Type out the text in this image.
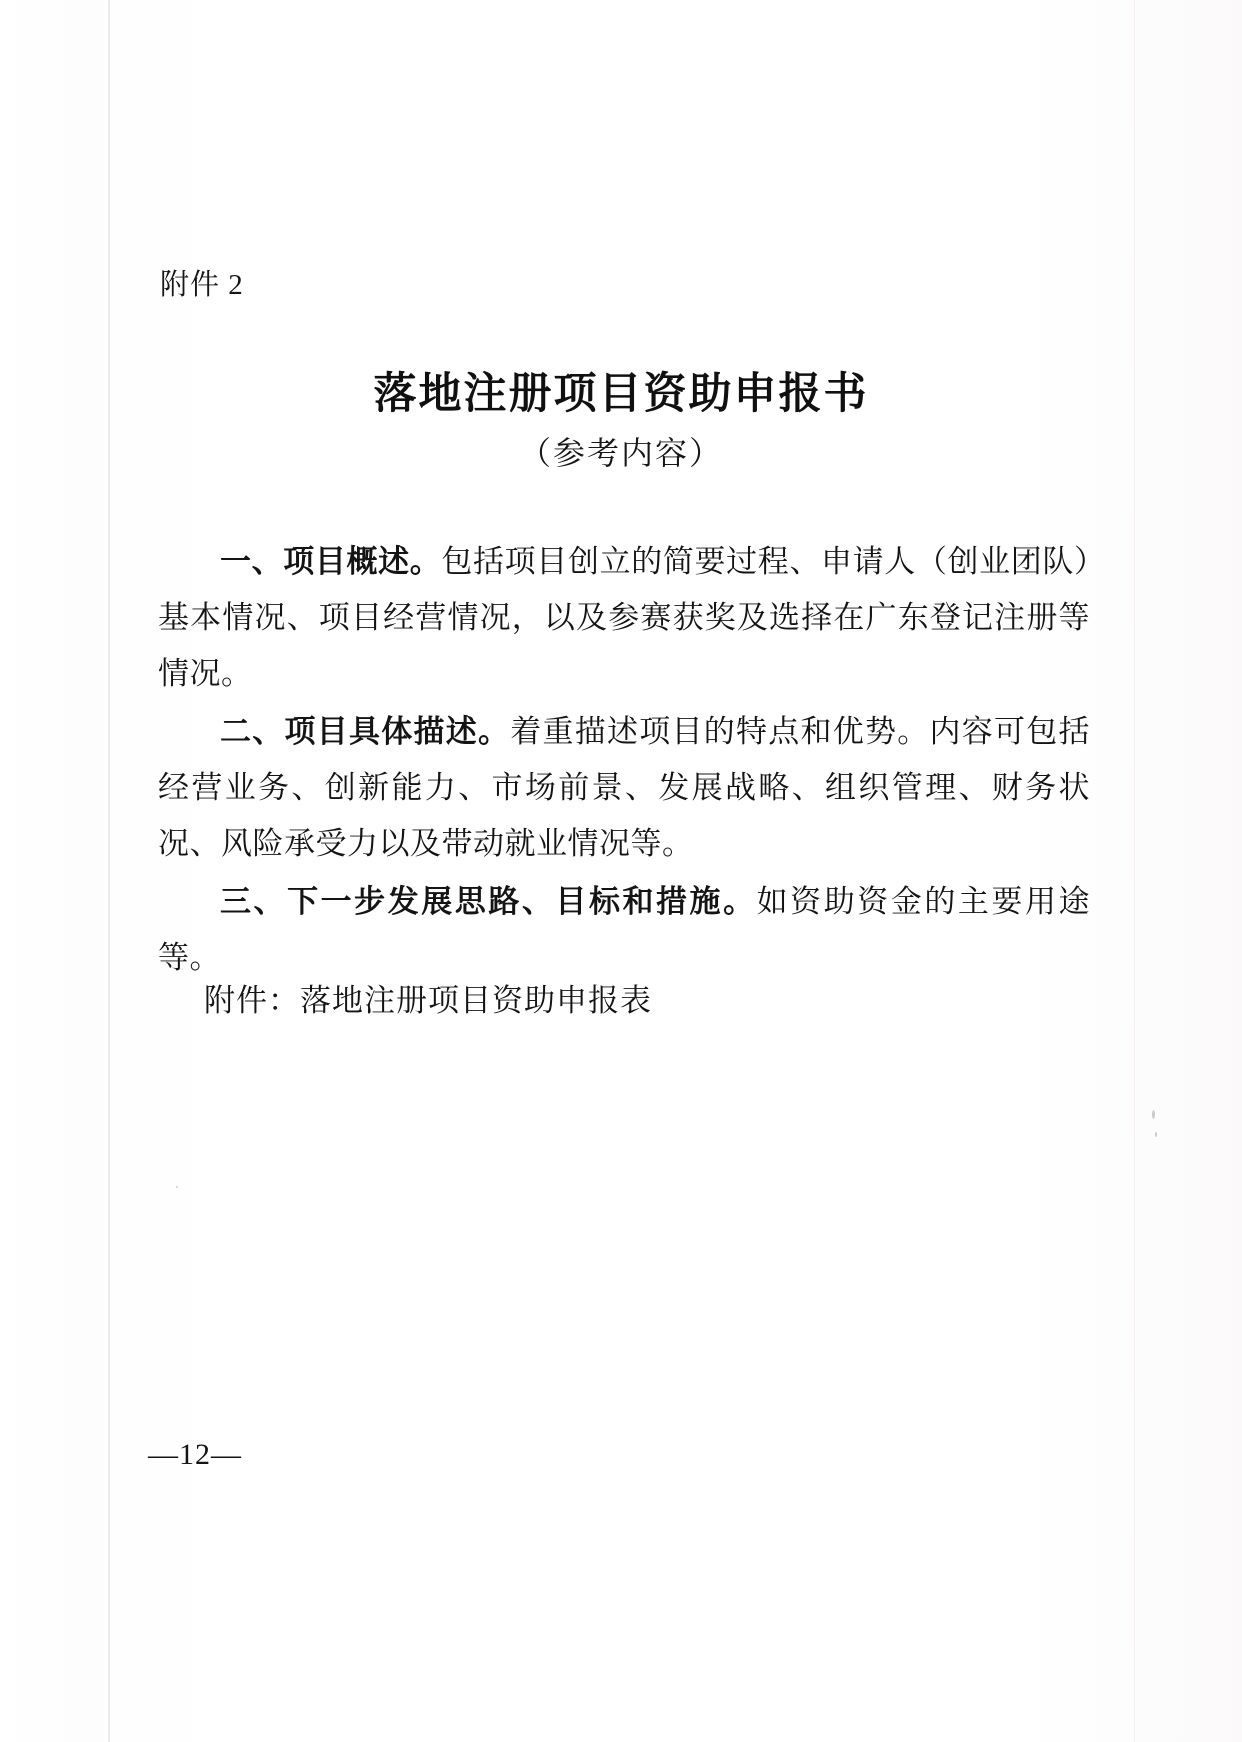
附件 2
落地注册项目资助申报书
（参考内容）

一、项目概述。包括项目创立的简要过程、申请人（创业团队）基本情况、项目经营情况，以及参赛获奖及选择在广东登记注册等情况。

二、项目具体描述。着重描述项目的特点和优势。内容可包括经营业务、创新能力、市场前景、发展战略、组织管理、财务状况、风险承受力以及带动就业情况等。

三、下一步发展思路、目标和措施。如资助资金的主要用途等。

附件：落地注册项目资助申报表
—12—
